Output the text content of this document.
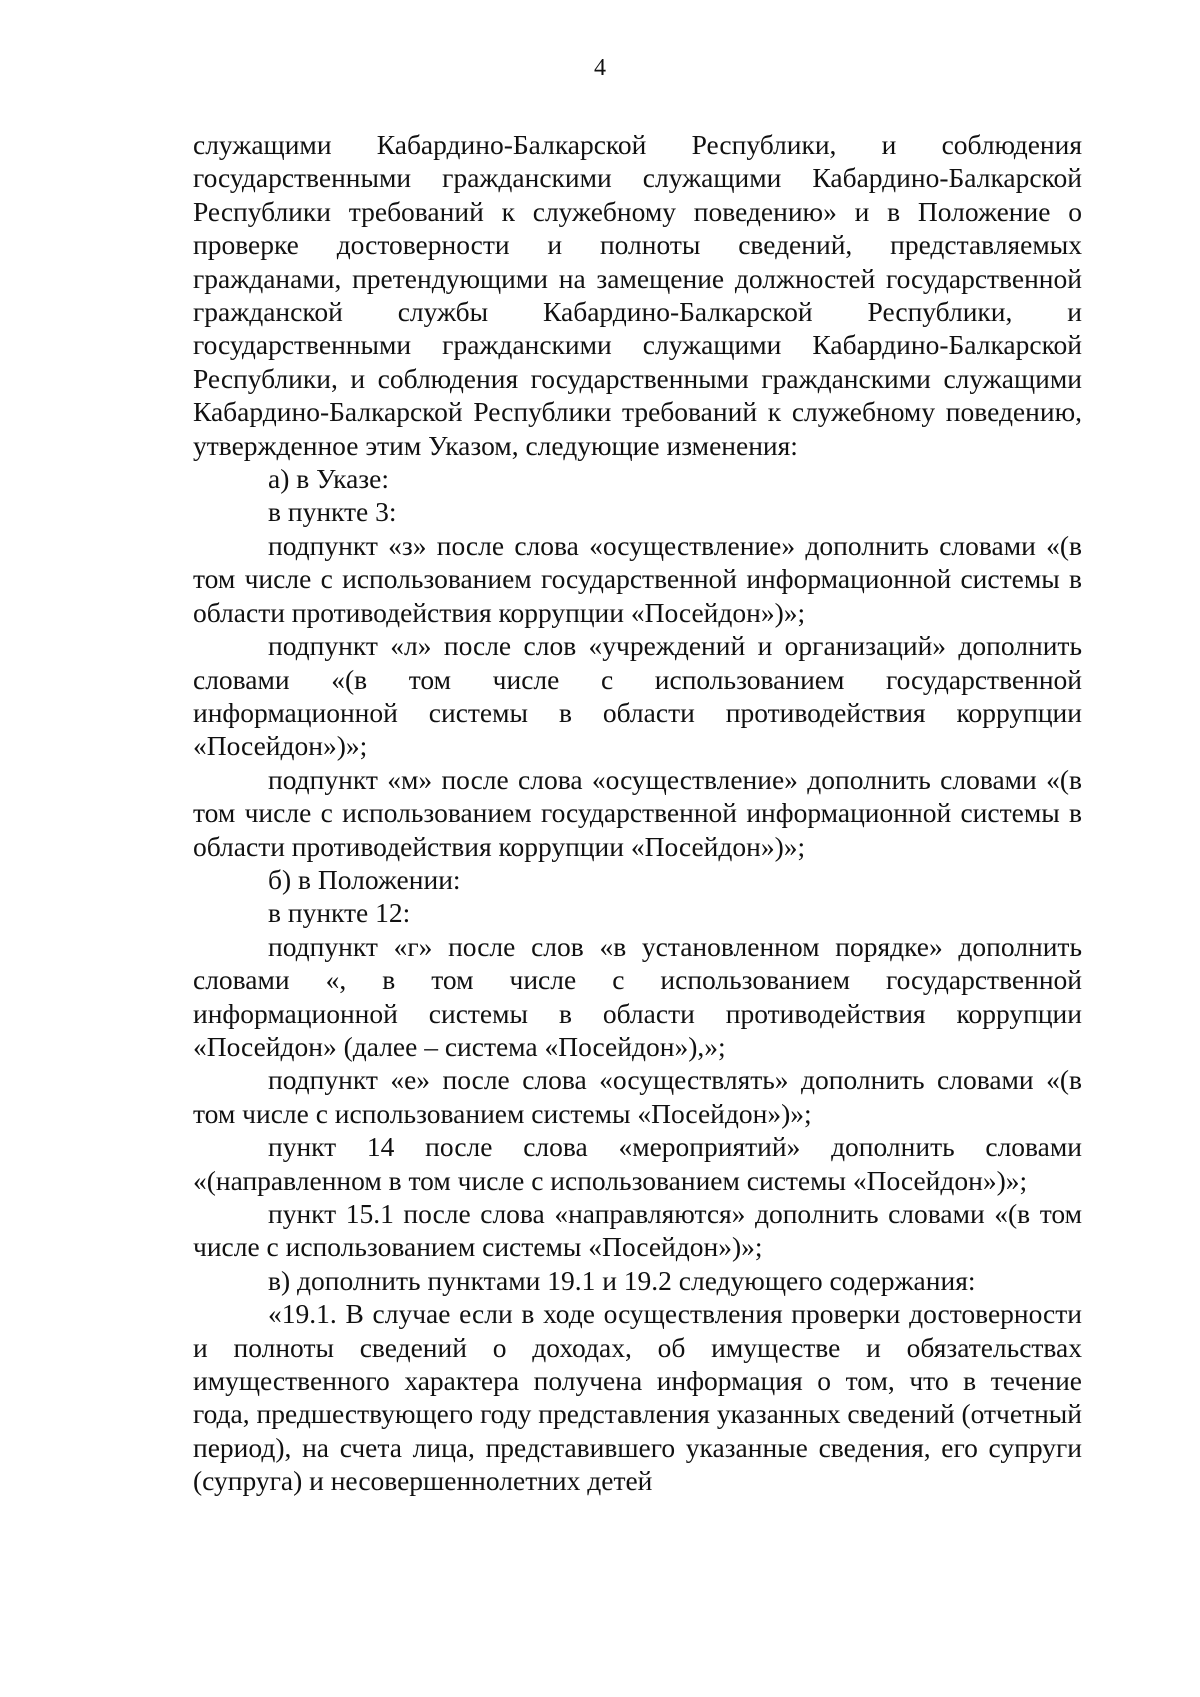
4

служащими Кабардино-Балкарской Республики, и соблюдения государственными гражданскими служащими Кабардино-Балкарской Республики требований к служебному поведению» и в Положение о проверке достоверности и полноты сведений, представляемых гражданами, претендующими на замещение должностей государственной гражданской службы Кабардино-Балкарской Республики, и государственными гражданскими служащими Кабардино-Балкарской Республики, и соблюдения государственными гражданскими служащими Кабардино-Балкарской Республики требований к служебному поведению, утвержденное этим Указом, следующие изменения:

а) в Указе:

в пункте 3:

подпункт «з» после слова «осуществление» дополнить словами «(в том числе с использованием государственной информационной системы в области противодействия коррупции «Посейдон»)»;

подпункт «л» после слов «учреждений и организаций» дополнить словами «(в том числе с использованием государственной информационной системы в области противодействия коррупции «Посейдон»)»;

подпункт «м» после слова «осуществление» дополнить словами «(в том числе с использованием государственной информационной системы в области противодействия коррупции «Посейдон»)»;

б) в Положении:

в пункте 12:

подпункт «г» после слов «в установленном порядке» дополнить словами «, в том числе с использованием государственной информационной системы в области противодействия коррупции «Посейдон» (далее – система «Посейдон»),»;

подпункт «е» после слова «осуществлять» дополнить словами «(в том числе с использованием системы «Посейдон»)»;

пункт 14 после слова «мероприятий» дополнить словами «(направленном в том числе с использованием системы «Посейдон»)»;

пункт 15.1 после слова «направляются» дополнить словами «(в том числе с использованием системы «Посейдон»)»;

в) дополнить пунктами 19.1 и 19.2 следующего содержания:

«19.1. В случае если в ходе осуществления проверки достоверности и полноты сведений о доходах, об имуществе и обязательствах имущественного характера получена информация о том, что в течение года, предшествующего году представления указанных сведений (отчетный период), на счета лица, представившего указанные сведения, его супруги (супруга) и несовершеннолетних детей
